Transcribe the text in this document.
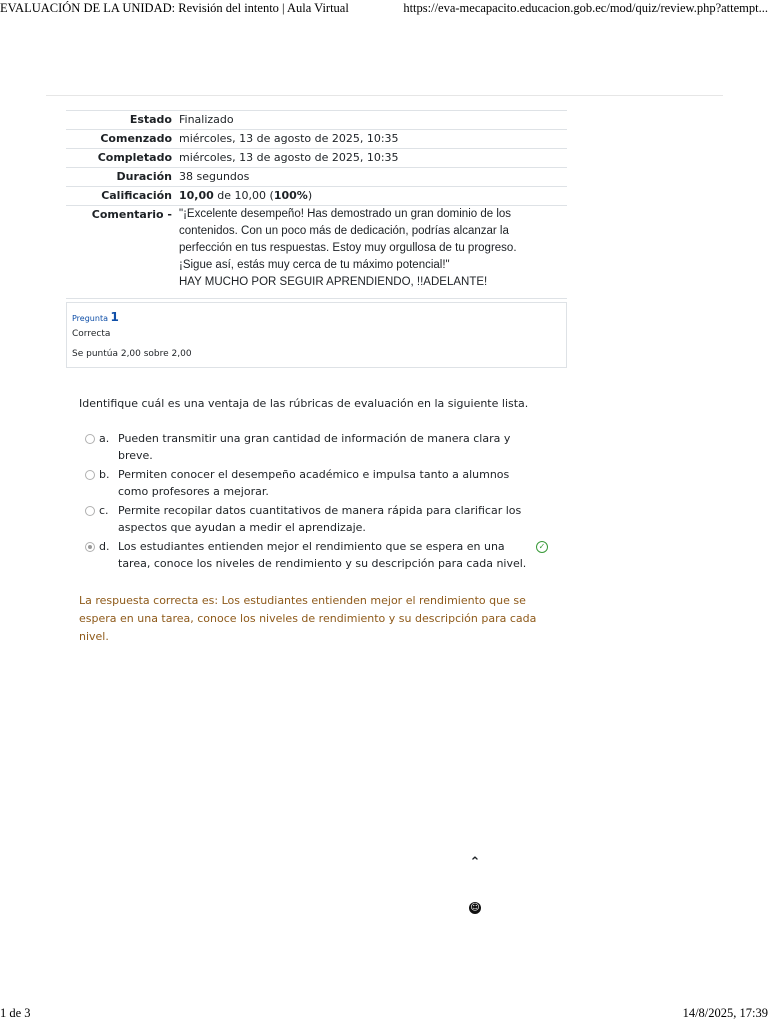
EVALUACIÓN DE LA UNIDAD: Revisión del intento | Aula Virtual	https://eva-mecapacito.educacion.gob.ec/mod/quiz/review.php?attempt...
Estado	Finalizado
Comenzado	miércoles, 13 de agosto de 2025, 10:35
Completado	miércoles, 13 de agosto de 2025, 10:35
Duración	38 segundos
Calificación	10,00 de 10,00 (100%)
Comentario -	"¡Excelente desempeño! Has demostrado un gran dominio de los

contenidos. Con un poco más de dedicación, podrías alcanzar la

perfección en tus respuestas. Estoy muy orgullosa de tu progreso.

¡Sigue así, estás muy cerca de tu máximo potencial!"

HAY MUCHO POR SEGUIR APRENDIENDO, !!ADELANTE!

Pregunta 1
Correcta
Se puntúa 2,00 sobre 2,00
Identifique cuál es una ventaja de las rúbricas de evaluación en la siguiente lista.
a. Pueden transmitir una gran cantidad de información de manera clara y breve.
b. Permiten conocer el desempeño académico e impulsa tanto a alumnos como profesores a mejorar.
c. Permite recopilar datos cuantitativos de manera rápida para clarificar los aspectos que ayudan a medir el aprendizaje.
d. Los estudiantes entienden mejor el rendimiento que se espera en una tarea, conoce los niveles de rendimiento y su descripción para cada nivel.
✓
La respuesta correcta es: Los estudiantes entienden mejor el rendimiento que se espera en una tarea, conoce los niveles de rendimiento y su descripción para cada nivel.
⌃
☺
1 de 3	14/8/2025, 17:39
